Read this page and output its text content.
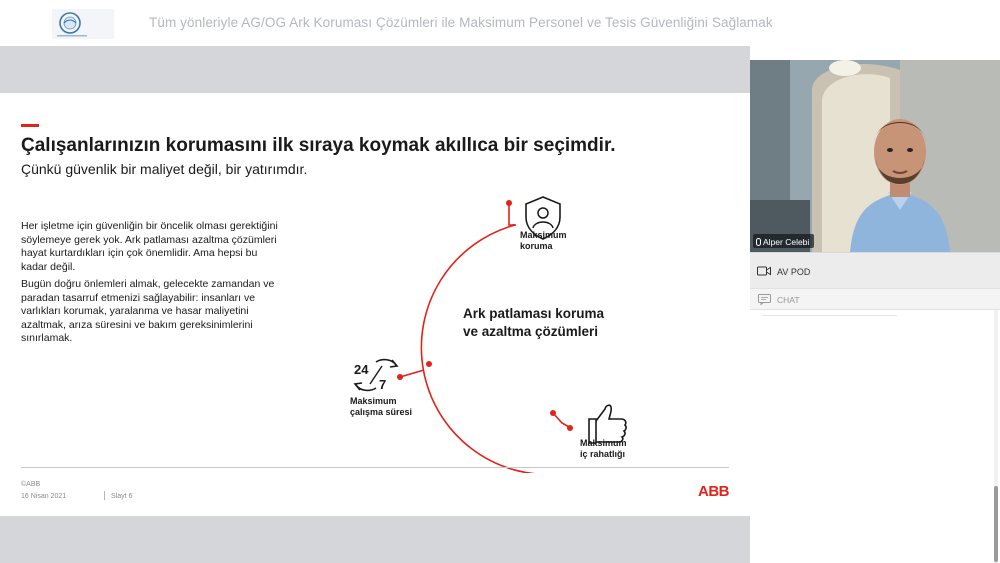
Tüm yönleriyle AG/OG Ark Koruması Çözümleri ile Maksimum Personel ve Tesis Güvenliğini Sağlamak
Çalışanlarınızın korumasını ilk sıraya koymak akıllıca bir seçimdir.
Çünkü güvenlik bir maliyet değil, bir yatırımdır.
Her işletme için güvenliğin bir öncelik olması gerektiğini söylemeye gerek yok. Ark patlaması azaltma çözümleri hayat kurtardıkları için çok önemlidir. Ama hepsi bu kadar değil.
Bugün doğru önlemleri almak, gelecekte zamandan ve paradan tasarruf etmenizi sağlayabilir: insanları ve varlıkları korumak, yaralanma ve hasar maliyetini azaltmak, arıza süresini ve bakım gereksinimlerini sınırlamak.
24
7
Ark patlaması koruma
ve azaltma çözümleri
Maksimum
koruma
Maksimum
çalışma süresi
Maksimum
iç rahatlığı
©ABB
16 Nisan 2021	Slayt 6	ABB
Alper Celebi
AV POD
CHAT
